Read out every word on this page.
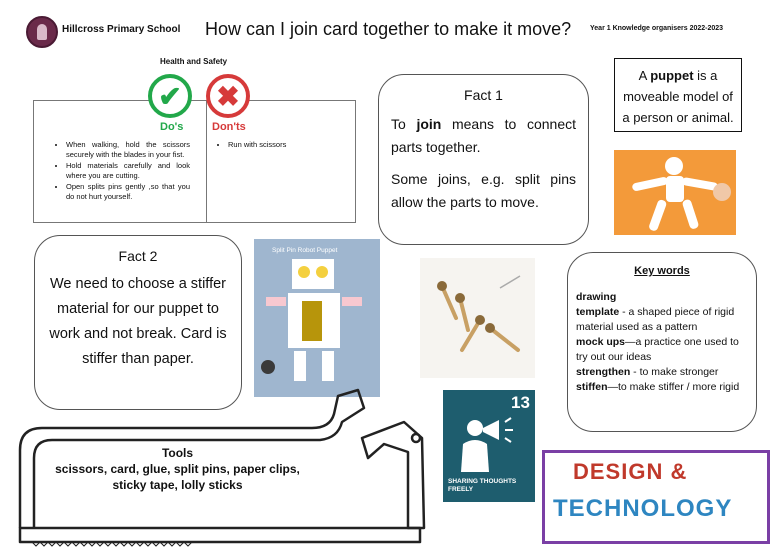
Hillcross Primary School How can I join card together to make it move?	Year 1 Knowledge organisers 2022-2023
Health and Safety
✔	✖
Do's	Don'ts
• When walking, hold the scissors securely with the blades in your fist.
• Hold materials carefully and look where you are cutting.
• Open splits pins gently ,so that you do not hurt yourself.
• Run with scissors
Fact 1

To join means to connect parts together.

Some joins, e.g. split pins allow the parts to move.

Fact 2
We need to choose a stiffer material for our puppet to work and not break. Card is stiffer than paper.
A puppet is a moveable model of a person or animal.
Split Pin Robot Puppet
13
SHARING THOUGHTS FREELY
Key words
drawing
template - a shaped piece of rigid material used as a pattern
mock ups—a practice one used to try out our ideas
strengthen - to make stronger
stiffen—to make stiffer / more rigid
Tools
scissors, card, glue, split pins, paper clips, sticky tape, lolly sticks
DESIGN &
TECHNOLOGY
